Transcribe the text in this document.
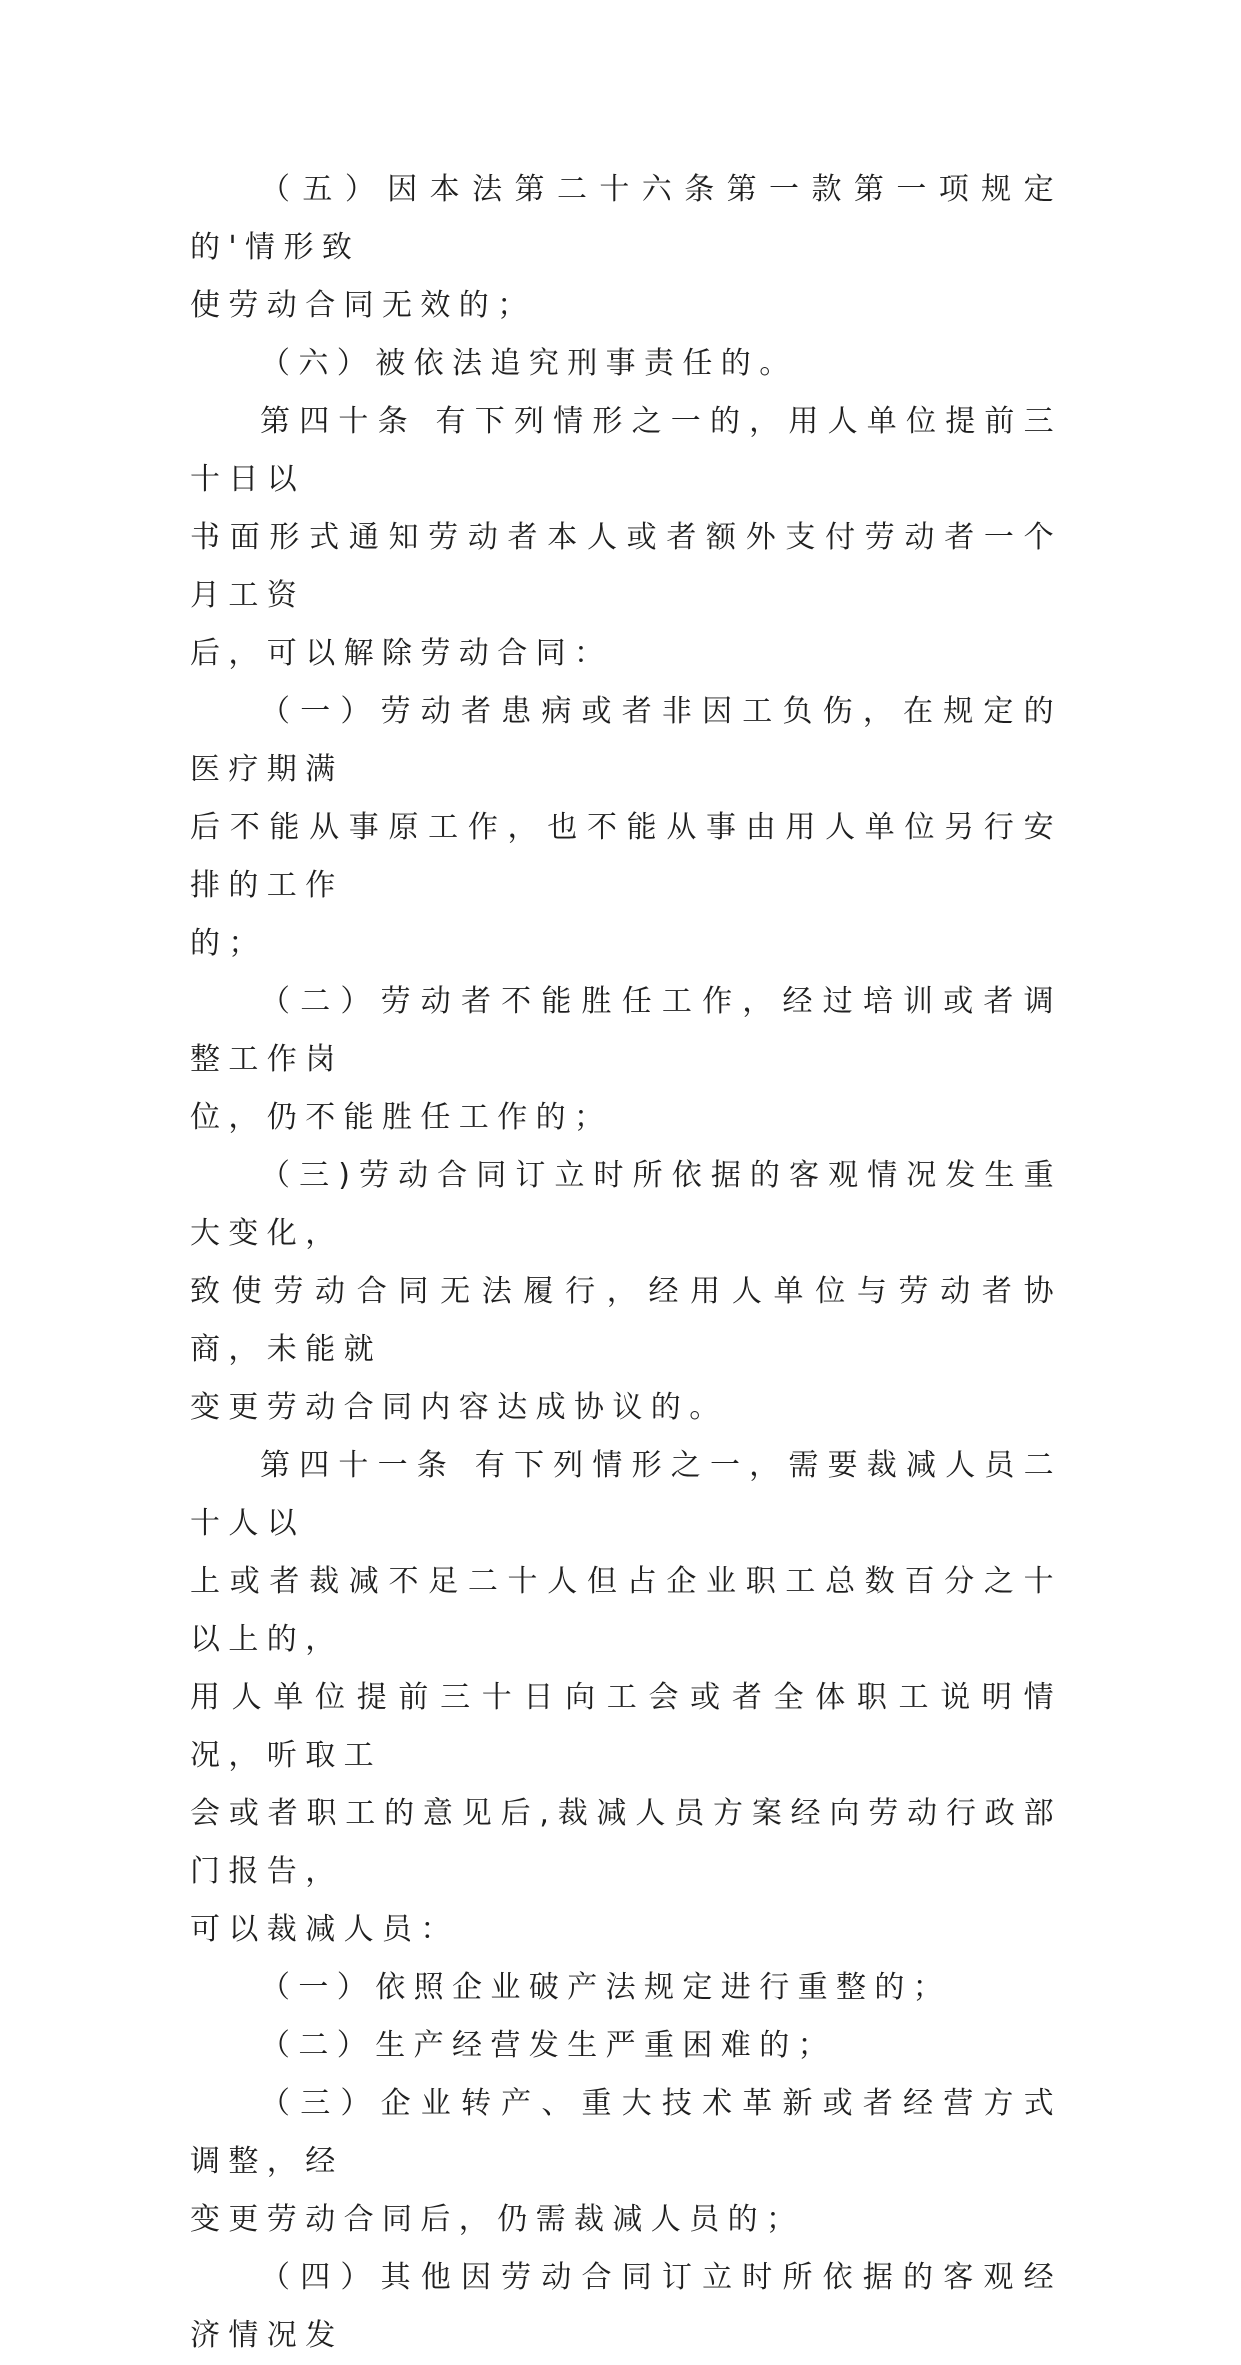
（五）因本法第二十六条第一款第一项规定的'情形致
使劳动合同无效的；

（六）被依法追究刑事责任的。

第四十条 有下列情形之一的，用人单位提前三十日以
书面形式通知劳动者本人或者额外支付劳动者一个月工资
后，可以解除劳动合同：

（一）劳动者患病或者非因工负伤，在规定的医疗期满
后不能从事原工作，也不能从事由用人单位另行安排的工作
的；

（二）劳动者不能胜任工作，经过培训或者调整工作岗
位，仍不能胜任工作的；

（三)劳动合同订立时所依据的客观情况发生重大变化，
致使劳动合同无法履行，经用人单位与劳动者协商，未能就
变更劳动合同内容达成协议的。

第四十一条 有下列情形之一，需要裁减人员二十人以
上或者裁减不足二十人但占企业职工总数百分之十以上的，
用人单位提前三十日向工会或者全体职工说明情况，听取工
会或者职工的意见后,裁减人员方案经向劳动行政部门报告，
可以裁减人员：

（一）依照企业破产法规定进行重整的；

（二）生产经营发生严重困难的；

（三）企业转产、重大技术革新或者经营方式调整，经
变更劳动合同后，仍需裁减人员的；

（四）其他因劳动合同订立时所依据的客观经济情况发
